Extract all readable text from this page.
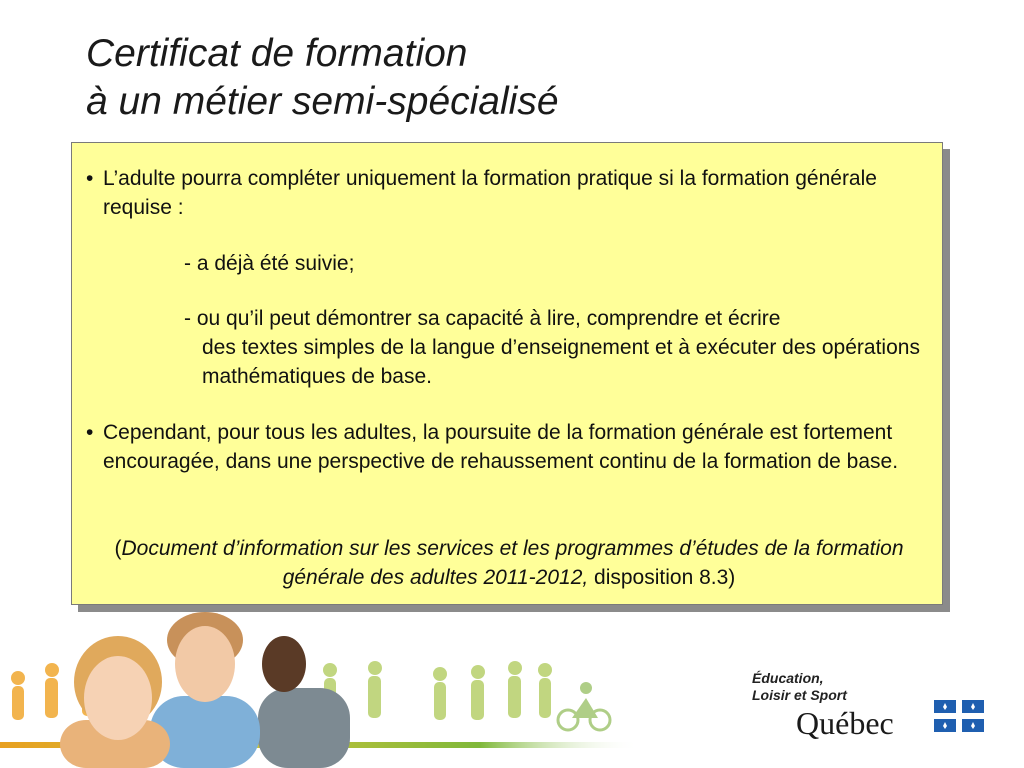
Certificat de formation
à un métier semi-spécialisé

• L’adulte pourra compléter uniquement la formation pratique si la formation générale requise :

- a déjà été suivie;

- ou qu’il peut démontrer sa capacité à lire, comprendre et écrire
des textes simples de la langue d’enseignement et à exécuter des opérations mathématiques de base.

• Cependant, pour tous les adultes, la poursuite de la formation générale est fortement encouragée, dans une perspective de rehaussement continu de la formation de base.

(Document d’information sur les services et les programmes d’études de la formation générale des adultes 2011-2012, disposition 8.3)

Éducation,
Loisir et Sport
Québec
